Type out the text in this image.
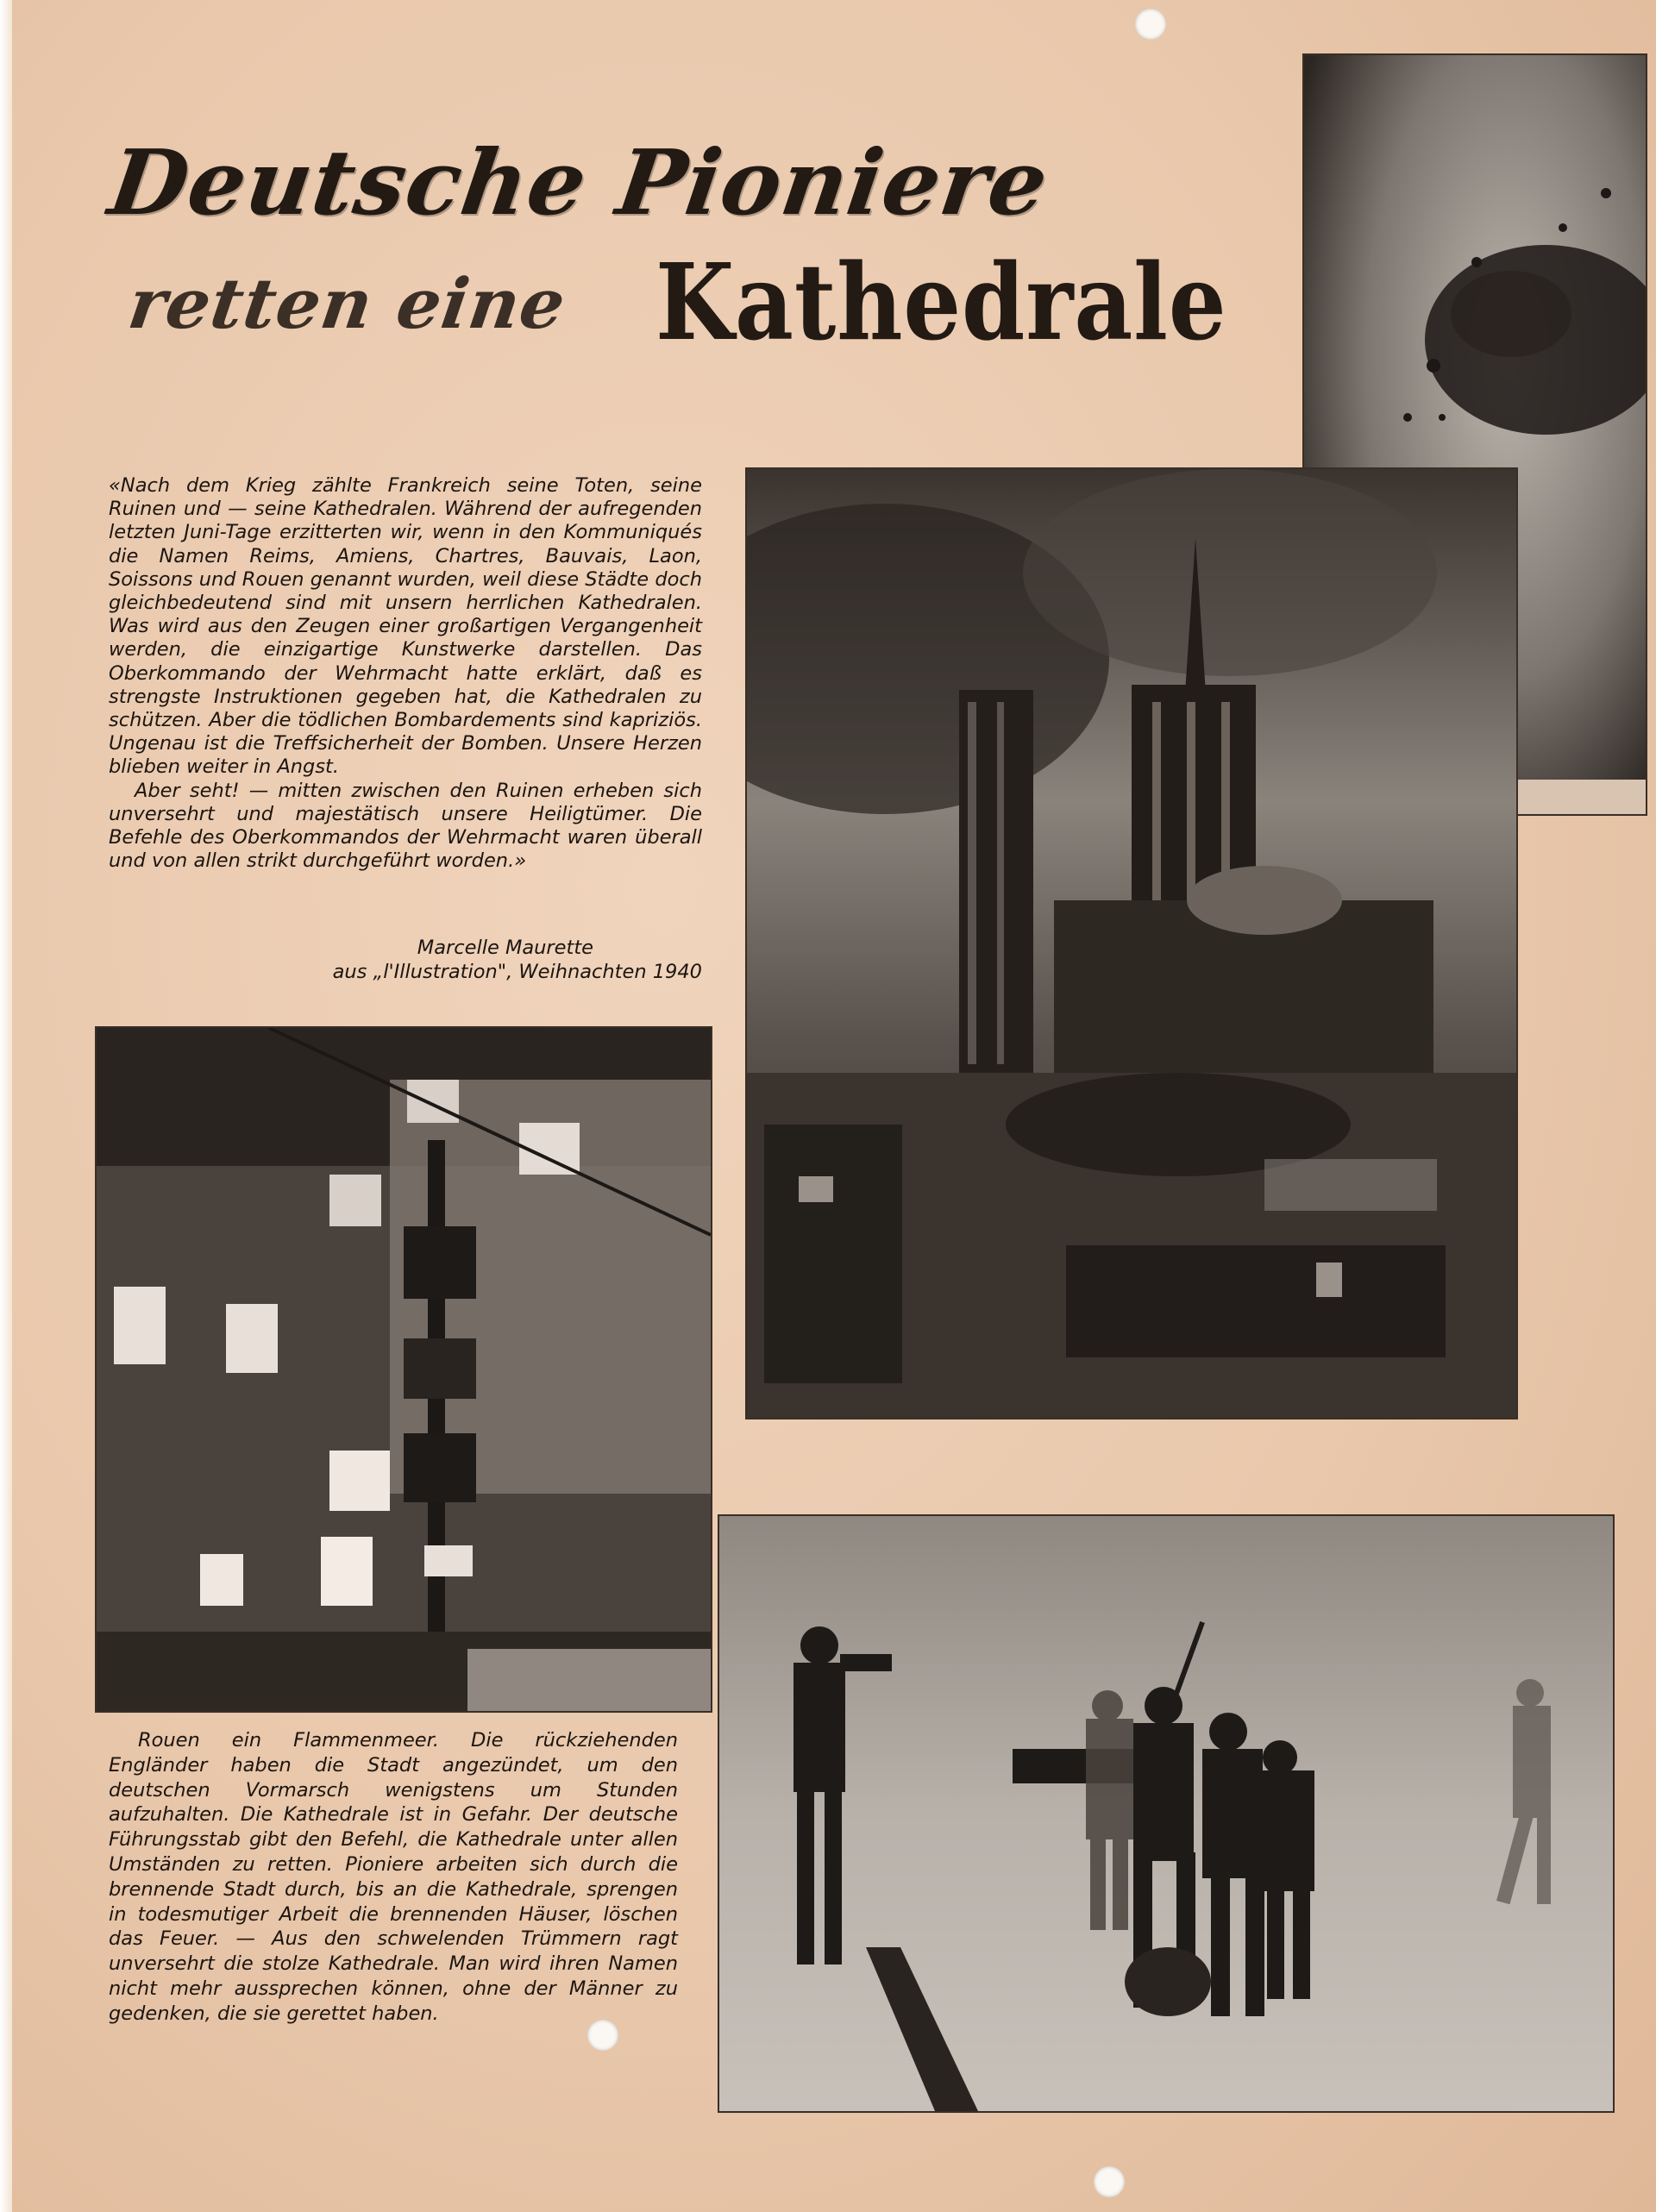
Deutsche Pioniere
retten eine Kathedrale

«Nach dem Krieg zählte Frankreich seine Toten, seine Ruinen und — seine Kathedralen. Während der aufregenden letzten Juni-Tage erzitterten wir, wenn in den Kommuniqués die Namen Reims, Amiens, Chartres, Bauvais, Laon, Soissons und Rouen genannt wurden, weil diese Städte doch gleichbedeutend sind mit unsern herrlichen Kathedralen. Was wird aus den Zeugen einer großartigen Vergangenheit werden, die einzigartige Kunstwerke darstellen. Das Oberkommando der Wehrmacht hatte erklärt, daß es strengste Instruktionen gegeben hat, die Kathedralen zu schützen. Aber die tödlichen Bombardements sind kapriziös. Ungenau ist die Treffsicherheit der Bomben. Unsere Herzen blieben weiter in Angst.

Aber seht! — mitten zwischen den Ruinen erheben sich unversehrt und majestätisch unsere Heiligtümer. Die Befehle des Oberkommandos der Wehrmacht waren überall und von allen strikt durchgeführt worden.»

Marcelle Maurette
aus „l'Illustration", Weihnachten 1940

Rouen ein Flammenmeer. Die rückziehenden Engländer haben die Stadt angezündet, um den deutschen Vormarsch wenigstens um Stunden aufzuhalten. Die Kathedrale ist in Gefahr. Der deutsche Führungsstab gibt den Befehl, die Kathedrale unter allen Umständen zu retten. Pioniere arbeiten sich durch die brennende Stadt durch, bis an die Kathedrale, sprengen in todesmutiger Arbeit die brennenden Häuser, löschen das Feuer. — Aus den schwelenden Trümmern ragt unversehrt die stolze Kathedrale. Man wird ihren Namen nicht mehr aussprechen können, ohne der Männer zu gedenken, die sie gerettet haben.
